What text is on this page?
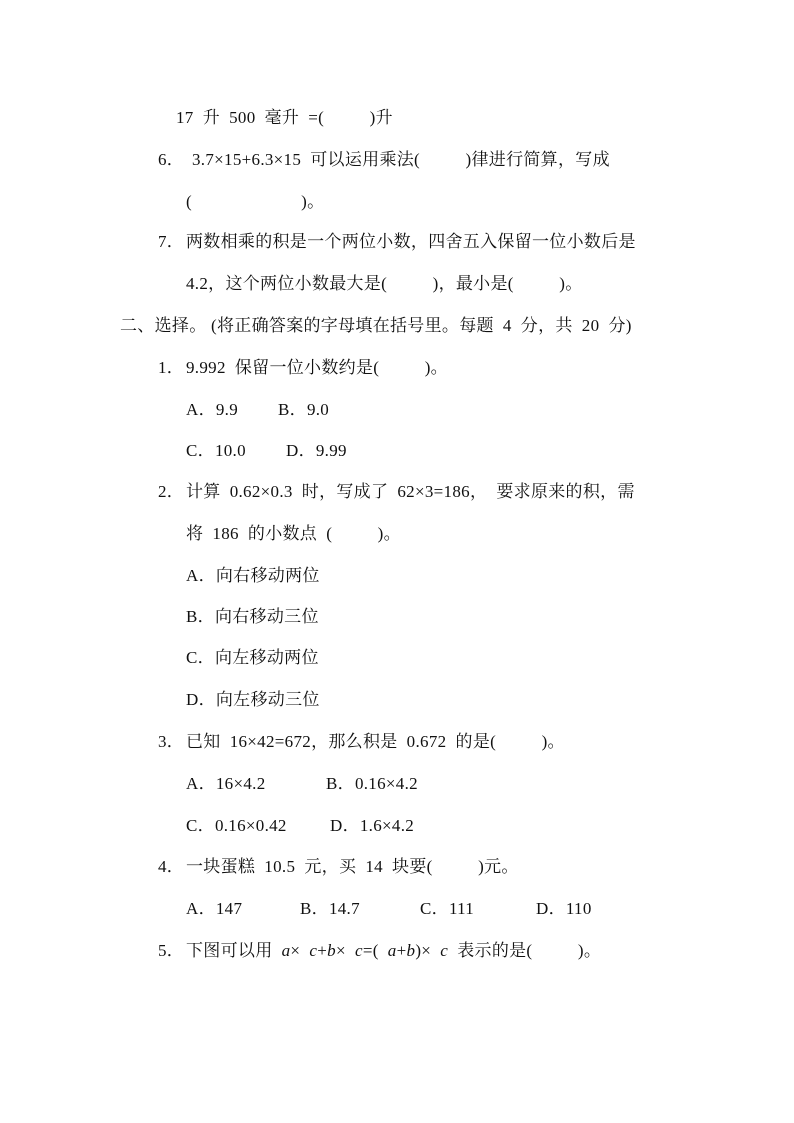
17  升  500  毫升  =(          )升
6． 3.7×15+6.3×15  可以运用乘法(          )律进行简算，写成
(                        )。
7． 两数相乘的积是一个两位小数，四舍五入保留一位小数后是
4.2，这个两位小数最大是(          )，最小是(          )。
二、选择。 (将正确答案的字母填在括号里。每题  4  分，共  20  分)
1． 9.992  保留一位小数约是(          )。
A．9.9 B．9.0
C．10.0 D．9.99
2． 计算  0.62×0.3  时，写成了  62×3=186，  要求原来的积，需
将  186  的小数点  (          )。
A．向右移动两位
B．向右移动三位
C．向左移动两位
D．向左移动三位
3． 已知  16×42=672，那么积是  0.672  的是(          )。
A．16×4.2	B．0.16×4.2
C．0.16×0.42	D．1.6×4.2
4． 一块蛋糕  10.5  元，买  14  块要(          )元。
A．147	B．14.7	C．111	D．110
5． 下图可以用  a×  c+b×  c=(  a+b)×  c  表示的是(          )。
